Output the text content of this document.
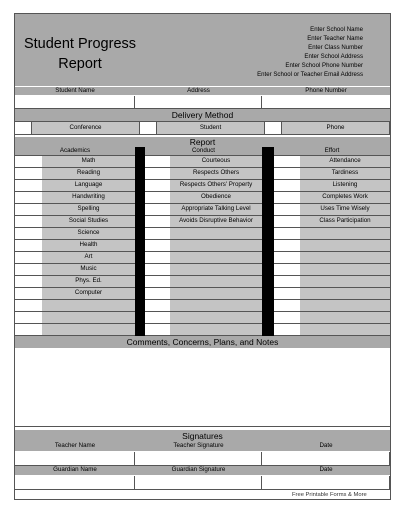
Student Progress
Report
Student Name	Address	Phone Number
Delivery Method
Report
Academics	Conduct	Effort
Comments, Concerns, Plans, and Notes
Signatures
Free Printable Forms & More
Enter School Name
Enter Teacher Name
Enter Class Number
Enter School Address
Enter School Phone Number
Enter School or Teacher Email Address
Conference	Student	Phone
Math	Courteous	Attendance
Reading	Respects Others	Tardiness
Language	Respects Others' Property	Listening
Handwriting	Obedience	Completes Work
Spelling	Appropriate Talking Level	Uses Time Wisely
Social Studies	Avoids Disruptive Behavior	Class Participation
Science
Health
Art
Music
Phys. Ed.
Computer
Teacher Name	Teacher Signature	Date
Guardian Name	Guardian Signature	Date
